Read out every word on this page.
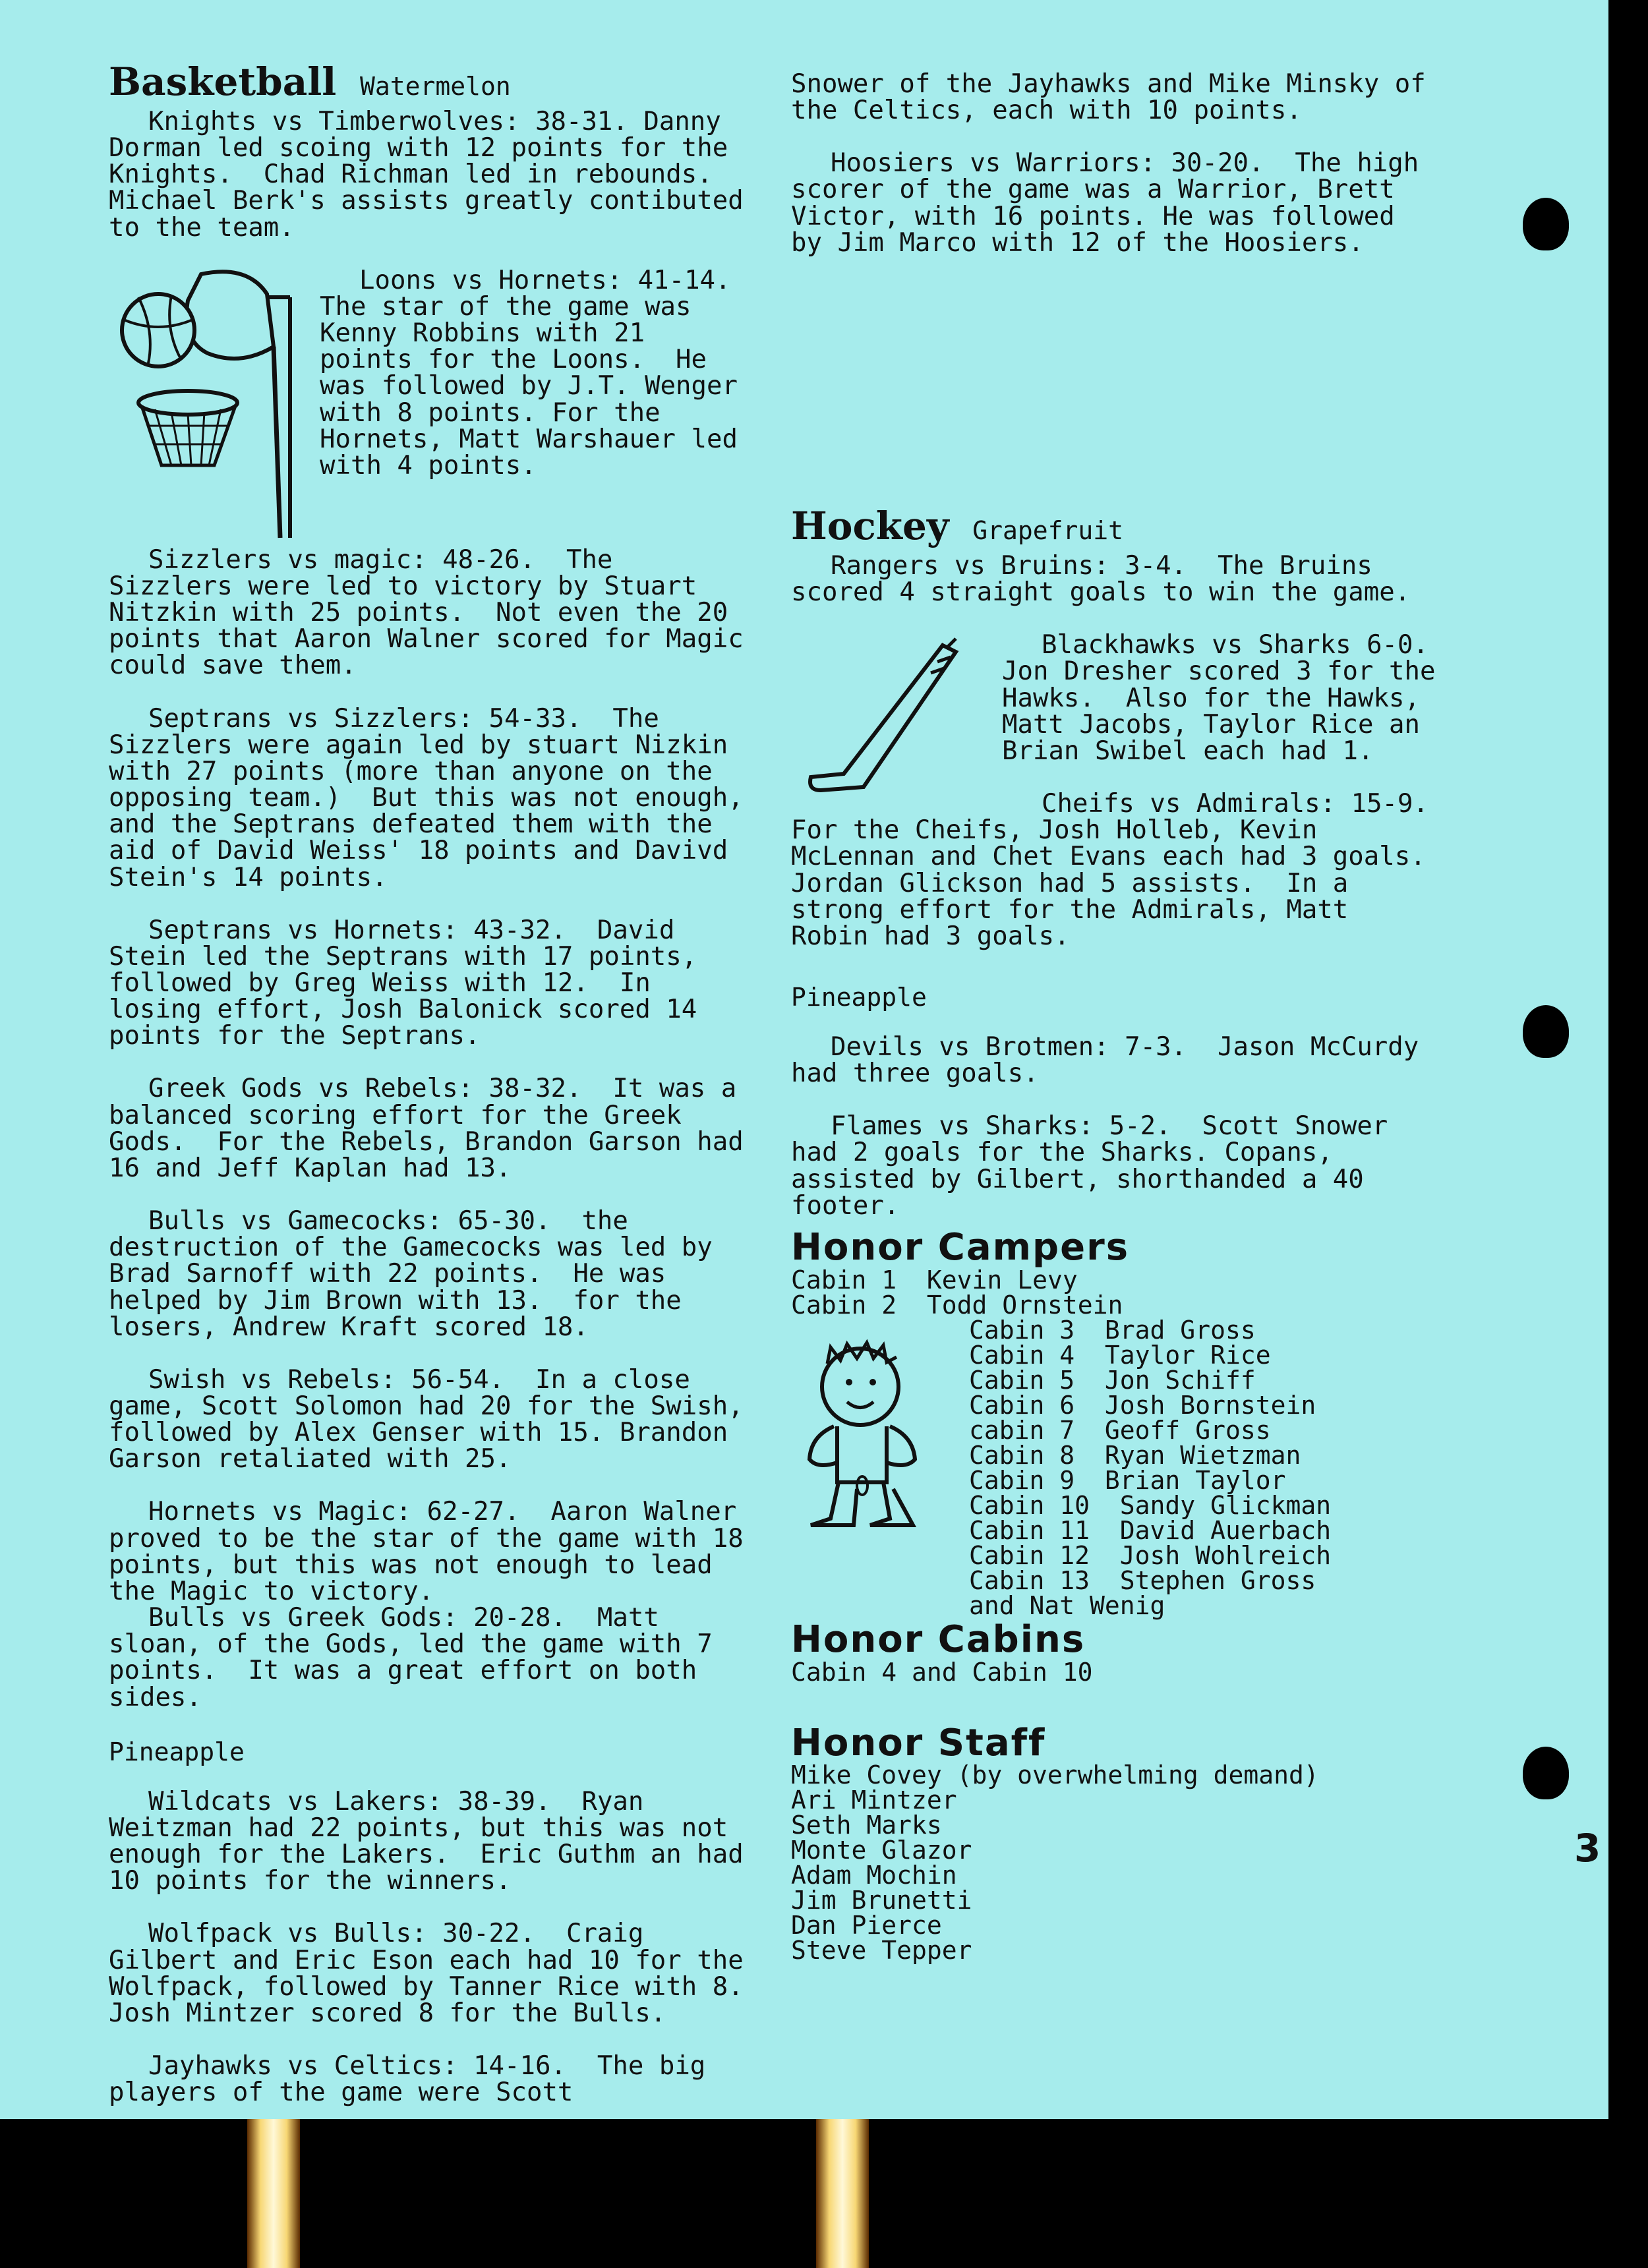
Basketball Watermelon

Knights vs Timberwolves: 38-31. Danny Dorman led scoing with 12 points for the Knights.  Chad Richman led in rebounds.  Michael Berk's assists greatly contibuted to the team.

Loons vs Hornets: 41-14.  The star of the game was Kenny Robbins with 21 points for the Loons.  He was followed by J.T. Wenger with 8 points. For the Hornets, Matt Warshauer led with 4 points.

Sizzlers vs magic: 48-26.  The Sizzlers were led to victory by Stuart Nitzkin with 25 points.  Not even the 20 points that Aaron Walner scored for Magic could save them.

Septrans vs Sizzlers: 54-33.  The Sizzlers were again led by stuart Nizkin with 27 points (more than anyone on the opposing team.)  But this was not enough, and the Septrans defeated them with the aid of David Weiss' 18 points and Davivd Stein's 14 points.

Septrans vs Hornets: 43-32.  David Stein led the Septrans with 17 points, followed by Greg Weiss with 12.  In losing effort, Josh Balonick scored 14 points for the Septrans.

Greek Gods vs Rebels: 38-32.  It was a balanced scoring effort for the Greek Gods.  For the Rebels, Brandon Garson had 16 and Jeff Kaplan had 13.

Bulls vs Gamecocks: 65-30.  the destruction of the Gamecocks was led by Brad Sarnoff with 22 points.  He was helped by Jim Brown with 13.  for the losers, Andrew Kraft scored 18.

Swish vs Rebels: 56-54.  In a close game, Scott Solomon had 20 for the Swish, followed by Alex Genser with 15. Brandon Garson retaliated with 25.

Hornets vs Magic: 62-27.  Aaron Walner proved to be the star of the game with 18 points, but this was not enough to lead the Magic to victory.

Bulls vs Greek Gods: 20-28.  Matt sloan, of the Gods, led the game with 7 points.  It was a great effort on both sides.

Pineapple

Wildcats vs Lakers: 38-39.  Ryan Weitzman had 22 points, but this was not enough for the Lakers.  Eric Guthm an had 10 points for the winners.

Wolfpack vs Bulls: 30-22.  Craig Gilbert and Eric Eson each had 10 for the Wolfpack, followed by Tanner Rice with 8.  Josh Mintzer scored 8 for the Bulls.

Jayhawks vs Celtics: 14-16.  The big players of the game were Scott

Snower of the Jayhawks and Mike Minsky of the Celtics, each with 10 points.

Hoosiers vs Warriors: 30-20.  The high scorer of the game was a Warrior, Brett Victor, with 16 points. He was followed by Jim Marco with 12 of the Hoosiers.

Hockey Grapefruit

Rangers vs Bruins: 3-4.  The Bruins scored 4 straight goals to win the game.

Blackhawks vs Sharks 6-0.  Jon Dresher scored 3 for the Hawks.  Also for the Hawks, Matt Jacobs, Taylor Rice an Brian Swibel each had 1.

Cheifs vs Admirals: 15-9.  For the Cheifs, Josh Holleb, Kevin McLennan and Chet Evans each had 3 goals. Jordan Glickson had 5 assists.  In a strong effort for the Admirals, Matt Robin had 3 goals.

Pineapple

Devils vs Brotmen: 7-3.  Jason McCurdy had three goals.

Flames vs Sharks: 5-2.  Scott Snower had 2 goals for the Sharks. Copans, assisted by Gilbert, shorthanded a 40 footer.

Honor Campers
Cabin 1 Kevin Levy
Cabin 2 Todd Ornstein
Cabin 3 Brad Gross
Cabin 4 Taylor Rice
Cabin 5 Jon Schiff
Cabin 6 Josh Bornstein
cabin 7 Geoff Gross
Cabin 8 Ryan Wietzman
Cabin 9 Brian Taylor
Cabin 10 Sandy Glickman
Cabin 11 David Auerbach
Cabin 12 Josh Wohlreich
Cabin 13 Stephen Gross
and Nat Wenig
Honor Cabins
Cabin 4 and Cabin 10
Honor Staff
Mike Covey (by overwhelming demand)
Ari Mintzer
Seth Marks
Monte Glazor
Adam Mochin
Jim Brunetti
Dan Pierce
Steve Tepper
3
